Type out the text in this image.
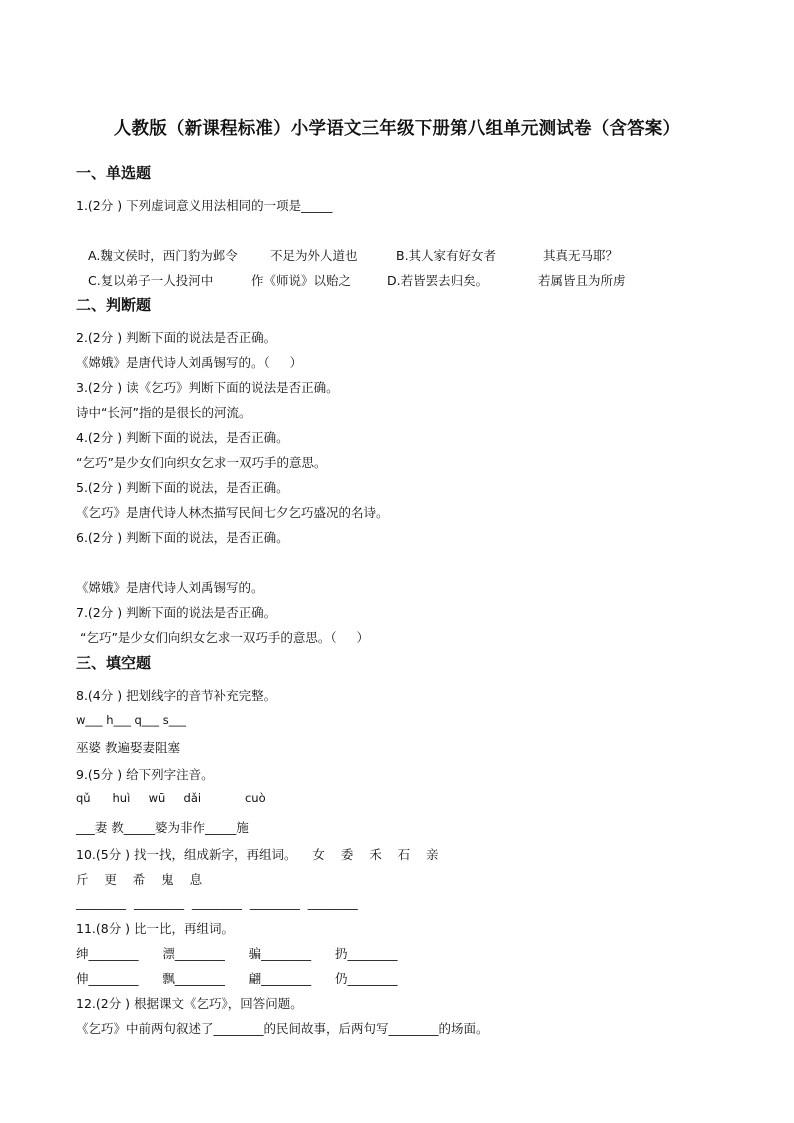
人教版（新课程标准）小学语文三年级下册第八组单元测试卷（含答案）
一、单选题
1.(2分 ) 下列虚词意义用法相同的一项是_____
A.魏文侯时，西门豹为邺令	不足为外人道也	B.其人家有好女者	其真无马耶？
C.复以弟子一人投河中	作《师说》以贻之	D.若皆罢去归矣。	若属皆且为所虏
二、判断题
2.(2分 ) 判断下面的说法是否正确。
《嫦娥》是唐代诗人刘禹锡写的。（     ）
3.(2分 ) 读《乞巧》判断下面的说法是否正确。
诗中“长河”指的是很长的河流。
4.(2分 ) 判断下面的说法，是否正确。
“乞巧”是少女们向织女乞求一双巧手的意思。
5.(2分 ) 判断下面的说法，是否正确。
《乞巧》是唐代诗人林杰描写民间七夕乞巧盛况的名诗。
6.(2分 ) 判断下面的说法，是否正确。
《嫦娥》是唐代诗人刘禹锡写的。
7.(2分 ) 判断下面的说法是否正确。
“乞巧”是少女们向织女乞求一双巧手的意思。（     ）
三、填空题
8.(4分 ) 把划线字的音节补充完整。
w___ h___ q___ s___
巫婆 教遍娶妻阻塞
9.(5分 ) 给下列字注音。
qǔ      huì     wū     dǎi            cuò
___妻 教_____婆为非作_____施
10.(5分 ) 找一找，组成新字，再组词。    女    委    禾    石    亲
斤    更    希    鬼    息
________  ________  ________  ________  ________
11.(8分 ) 比一比，再组词。
绅________      漂________      骗________      扔________
伸________      飘________      翩________      仍________
12.(2分 ) 根据课文《乞巧》，回答问题。
《乞巧》中前两句叙述了________的民间故事，后两句写________的场面。
